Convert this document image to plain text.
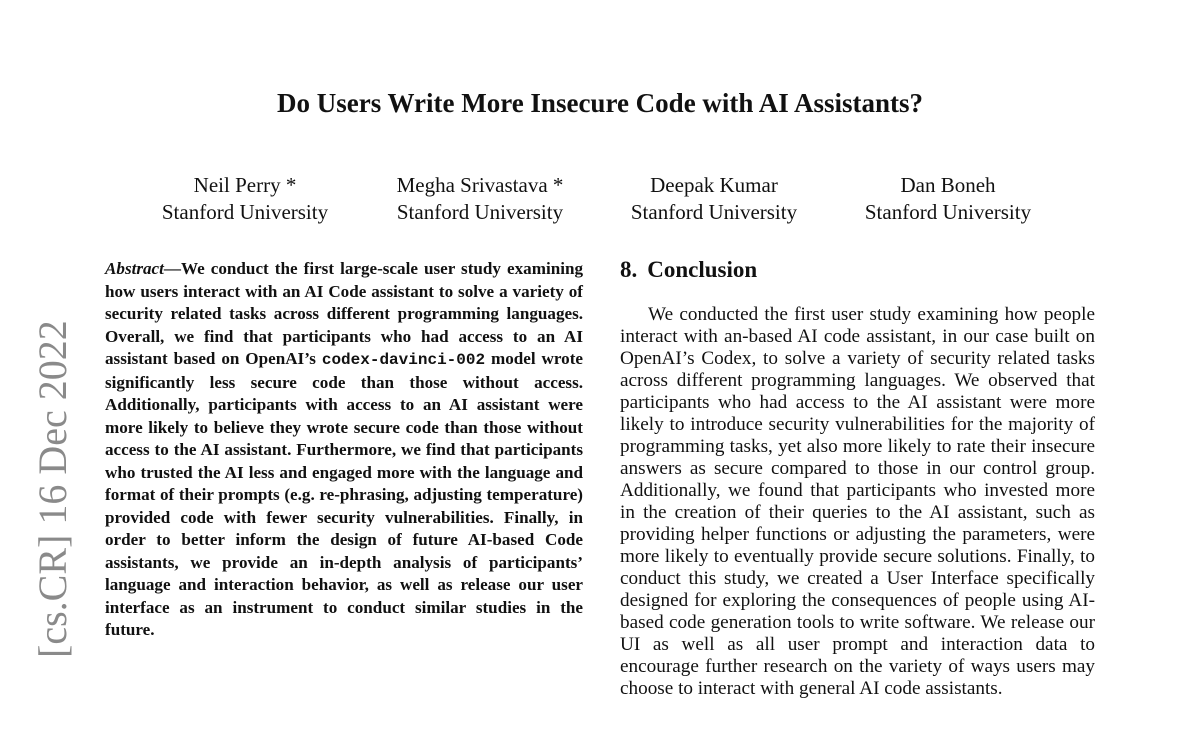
[cs.CR] 16 Dec 2022
Do Users Write More Insecure Code with AI Assistants?
Neil Perry *
Stanford University
Megha Srivastava *
Stanford University
Deepak Kumar
Stanford University
Dan Boneh
Stanford University

Abstract—We conduct the first large-scale user study examining how users interact with an AI Code assistant to solve a variety of security related tasks across different programming languages. Overall, we find that participants who had access to an AI assistant based on OpenAI’s codex-davinci-002 model wrote significantly less secure code than those without access. Additionally, participants with access to an AI assistant were more likely to believe they wrote secure code than those without access to the AI assistant. Furthermore, we find that participants who trusted the AI less and engaged more with the language and format of their prompts (e.g. re-phrasing, adjusting temperature) provided code with fewer security vulnerabilities. Finally, in order to better inform the design of future AI-based Code assistants, we provide an in-depth analysis of participants’ language and interaction behavior, as well as release our user interface as an instrument to conduct similar studies in the future.

8. Conclusion

We conducted the first user study examining how people interact with an-based AI code assistant, in our case built on OpenAI’s Codex, to solve a variety of security related tasks across different programming languages. We observed that participants who had access to the AI assistant were more likely to introduce security vulnerabilities for the majority of programming tasks, yet also more likely to rate their insecure answers as secure compared to those in our control group. Additionally, we found that participants who invested more in the creation of their queries to the AI assistant, such as providing helper functions or adjusting the parameters, were more likely to eventually provide secure solutions. Finally, to conduct this study, we created a User Interface specifically designed for exploring the consequences of people using AI-based code generation tools to write software. We release our UI as well as all user prompt and interaction data to encourage further research on the variety of ways users may choose to interact with general AI code assistants.
